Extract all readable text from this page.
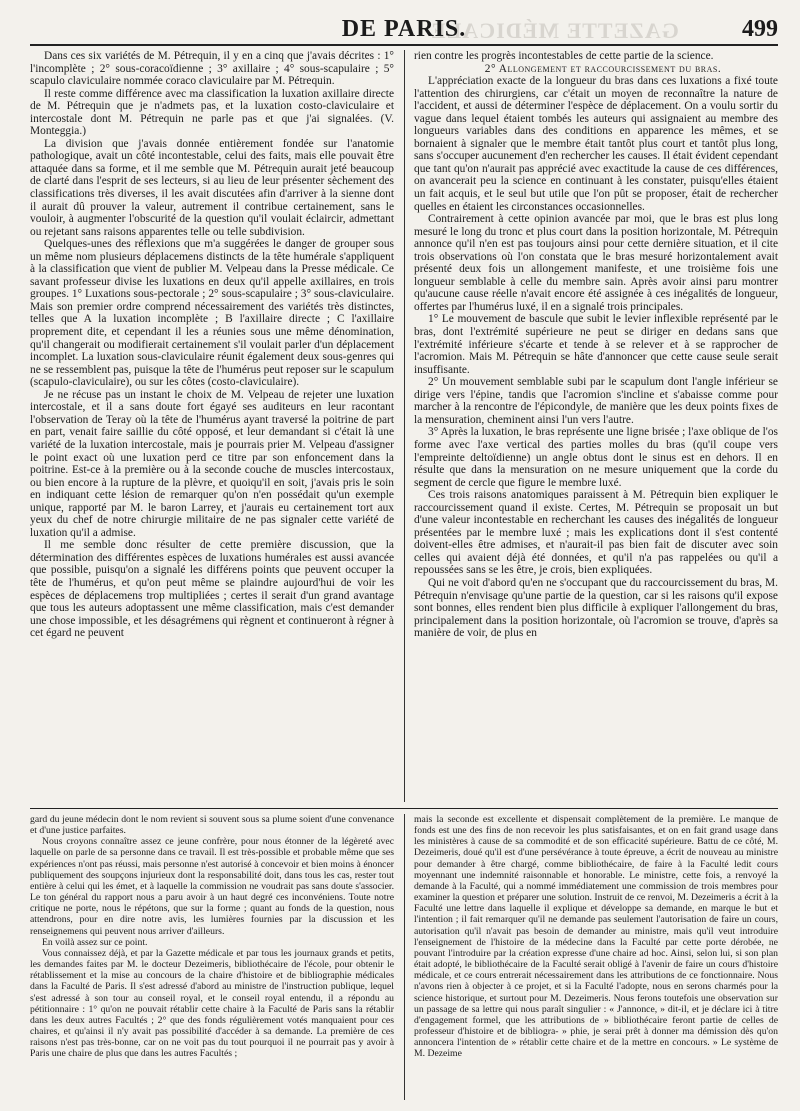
GAZETTE MÉDICALE
DE PARIS.	499

Dans ces six variétés de M. Pétrequin, il y en a cinq que j'avais décrites : 1° l'incomplète ; 2° sous-coracoïdienne ; 3° axillaire ; 4° sous-scapulaire ; 5° scapulo claviculaire nommée coraco claviculaire par M. Pétrequin.

Il reste comme différence avec ma classification la luxation axillaire directe de M. Pétrequin que je n'admets pas, et la luxation costo-claviculaire et intercostale dont M. Pétrequin ne parle pas et que j'ai signalées. (V. Monteggia.)

La division que j'avais donnée entièrement fondée sur l'anatomie pathologique, avait un côté incontestable, celui des faits, mais elle pouvait être attaquée dans sa forme, et il me semble que M. Pétrequin aurait jeté beaucoup de clarté dans l'esprit de ses lecteurs, si au lieu de leur présenter sèchement des classifications très diverses, il les avait discutées afin d'arriver à la sienne dont il aurait dû prouver la valeur, autrement il contribue certainement, sans le vouloir, à augmenter l'obscurité de la question qu'il voulait éclaircir, admettant ou rejetant sans raisons apparentes telle ou telle subdivision.

Quelques-unes des réflexions que m'a suggérées le danger de grouper sous un même nom plusieurs déplacemens distincts de la tête humérale s'appliquent à la classification que vient de publier M. Velpeau dans la Presse médicale. Ce savant professeur divise les luxations en deux qu'il appelle axillaires, en trois groupes. 1° Luxations sous-pectorale ; 2° sous-scapulaire ; 3° sous-claviculaire. Mais son premier ordre comprend nécessairement des variétés très distinctes, telles que A la luxation incomplète ; B l'axillaire directe ; C l'axillaire proprement dite, et cependant il les a réunies sous une même dénomination, qu'il changerait ou modifierait certainement s'il voulait parler d'un déplacement incomplet. La luxation sous-claviculaire réunit également deux sous-genres qui ne se ressemblent pas, puisque la tête de l'humérus peut reposer sur le scapulum (scapulo-claviculaire), ou sur les côtes (costo-claviculaire).

Je ne récuse pas un instant le choix de M. Velpeau de rejeter une luxation intercostale, et il a sans doute fort égayé ses auditeurs en leur racontant l'observation de Teray où la tête de l'humérus ayant traversé la poitrine de part en part, venait faire saillie du côté opposé, et leur demandant si c'était là une variété de la luxation intercostale, mais je pourrais prier M. Velpeau d'assigner le point exact où une luxation perd ce titre par son enfoncement dans la poitrine. Est-ce à la première ou à la seconde couche de muscles intercostaux, ou bien encore à la rupture de la plèvre, et quoiqu'il en soit, j'avais pris le soin en indiquant cette lésion de remarquer qu'on n'en possédait qu'un exemple unique, rapporté par M. le baron Larrey, et j'aurais eu certainement tort aux yeux du chef de notre chirurgie militaire de ne pas signaler cette variété de luxation qu'il a admise.

Il me semble donc résulter de cette première discussion, que la détermination des différentes espèces de luxations humérales est aussi avancée que possible, puisqu'on a signalé les différens points que peuvent occuper la tête de l'humérus, et qu'on peut même se plaindre aujourd'hui de voir les espèces de déplacemens trop multipliées ; certes il serait d'un grand avantage que tous les auteurs adoptassent une même classification, mais c'est demander une chose impossible, et les désagrémens qui règnent et continueront à régner à cet égard ne peuvent

rien contre les progrès incontestables de cette partie de la science.

2° Allongement et raccourcissement du bras.

L'appréciation exacte de la longueur du bras dans ces luxations a fixé toute l'attention des chirurgiens, car c'était un moyen de reconnaître la nature de l'accident, et aussi de déterminer l'espèce de déplacement. On a voulu sortir du vague dans lequel étaient tombés les auteurs qui assignaient au membre des longueurs variables dans des conditions en apparence les mêmes, et se bornaient à signaler que le membre était tantôt plus court et tantôt plus long, sans s'occuper aucunement d'en rechercher les causes. Il était évident cependant que tant qu'on n'aurait pas apprécié avec exactitude la cause de ces différences, on avancerait peu la science en continuant à les constater, puisqu'elles étaient un fait acquis, et le seul but utile que l'on pût se proposer, était de rechercher quelles en étaient les circonstances occasionnelles.

Contrairement à cette opinion avancée par moi, que le bras est plus long mesuré le long du tronc et plus court dans la position horizontale, M. Pétrequin annonce qu'il n'en est pas toujours ainsi pour cette dernière situation, et il cite trois observations où l'on constata que le bras mesuré horizontalement avait présenté deux fois un allongement manifeste, et une troisième fois une longueur semblable à celle du membre sain. Après avoir ainsi paru montrer qu'aucune cause réelle n'avait encore été assignée à ces inégalités de longueur, offertes par l'humérus luxé, il en a signalé trois principales.

1° Le mouvement de bascule que subit le levier inflexible représenté par le bras, dont l'extrémité supérieure ne peut se diriger en dedans sans que l'extrémité inférieure s'écarte et tende à se relever et à se rapprocher de l'acromion. Mais M. Pétrequin se hâte d'annoncer que cette cause seule serait insuffisante.

2° Un mouvement semblable subi par le scapulum dont l'angle inférieur se dirige vers l'épine, tandis que l'acromion s'incline et s'abaisse comme pour marcher à la rencontre de l'épicondyle, de manière que les deux points fixes de la mensuration, cheminent ainsi l'un vers l'autre.

3° Après la luxation, le bras représente une ligne brisée ; l'axe oblique de l'os forme avec l'axe vertical des parties molles du bras (qu'il coupe vers l'empreinte deltoïdienne) un angle obtus dont le sinus est en dehors. Il en résulte que dans la mensuration on ne mesure uniquement que la corde du segment de cercle que figure le membre luxé.

Ces trois raisons anatomiques paraissent à M. Pétrequin bien expliquer le raccourcissement quand il existe. Certes, M. Pétrequin se proposait un but d'une valeur incontestable en recherchant les causes des inégalités de longueur présentées par le membre luxé ; mais les explications dont il s'est contenté doivent-elles être admises, et n'aurait-il pas bien fait de discuter avec soin celles qui avaient déjà été données, et qu'il n'a pas rappelées ou qu'il a repoussées sans se les être, je crois, bien expliquées.

Qui ne voit d'abord qu'en ne s'occupant que du raccourcissement du bras, M. Pétrequin n'envisage qu'une partie de la question, car si les raisons qu'il expose sont bonnes, elles rendent bien plus difficile à expliquer l'allongement du bras, principalement dans la position horizontale, où l'acromion se trouve, d'après sa manière de voir, de plus en

gard du jeune médecin dont le nom revient si souvent sous sa plume soient d'une convenance et d'une justice parfaites.

Nous croyons connaître assez ce jeune confrère, pour nous étonner de la légèreté avec laquelle on parle de sa personne dans ce travail. Il est très-possible et probable même que ses expériences n'ont pas réussi, mais personne n'est autorisé à concevoir et bien moins à énoncer publiquement des soupçons injurieux dont la responsabilité doit, dans tous les cas, rester tout entière à celui qui les émet, et à laquelle la commission ne voudrait pas sans doute s'associer. Le ton général du rapport nous a paru avoir à un haut degré ces inconvéniens. Toute notre critique ne porte, nous le répétons, que sur la forme ; quant au fonds de la question, nous attendrons, pour en dire notre avis, les lumières fournies par la discussion et les renseignemens qui peuvent nous arriver d'ailleurs.

En voilà assez sur ce point.

Vous connaissez déjà, et par la Gazette médicale et par tous les journaux grands et petits, les demandes faites par M. le docteur Dezeimeris, bibliothécaire de l'école, pour obtenir le rétablissement et la mise au concours de la chaire d'histoire et de bibliographie médicales dans la Faculté de Paris. Il s'est adressé d'abord au ministre de l'instruction publique, lequel s'est adressé à son tour au conseil royal, et le conseil royal entendu, il a répondu au pétitionnaire : 1° qu'on ne pouvait rétablir cette chaire à la Faculté de Paris sans la rétablir dans les deux autres Facultés ; 2° que des fonds régulièrement votés manquaient pour ces chaires, et qu'ainsi il n'y avait pas possibilité d'accéder à sa demande. La première de ces raisons n'est pas très-bonne, car on ne voit pas du tout pourquoi il ne pourrait pas y avoir à Paris une chaire de plus que dans les autres Facultés ;

mais la seconde est excellente et dispensait complètement de la première. Le manque de fonds est une des fins de non recevoir les plus satisfaisantes, et on en fait grand usage dans les ministères à cause de sa commodité et de son efficacité supérieure. Battu de ce côté, M. Dezeimeris, doué qu'il est d'une persévérance à toute épreuve, a écrit de nouveau au ministre pour demander à être chargé, comme bibliothécaire, de faire à la Faculté ledit cours moyennant une indemnité raisonnable et honorable. Le ministre, cette fois, a renvoyé la demande à la Faculté, qui a nommé immédiatement une commission de trois membres pour examiner la question et préparer une solution. Instruit de ce renvoi, M. Dezeimeris a écrit à la Faculté une lettre dans laquelle il explique et développe sa demande, en marque le but et l'intention ; il fait remarquer qu'il ne demande pas seulement l'autorisation de faire un cours, autorisation qu'il n'avait pas besoin de demander au ministre, mais qu'il veut introduire l'enseignement de l'histoire de la médecine dans la Faculté par cette porte dérobée, ne pouvant l'introduire par la création expresse d'une chaire ad hoc. Ainsi, selon lui, si son plan était adopté, le bibliothécaire de la Faculté serait obligé à l'avenir de faire un cours d'histoire médicale, et ce cours entrerait nécessairement dans les attributions de ce fonctionnaire. Nous n'avons rien à objecter à ce projet, et si la Faculté l'adopte, nous en serons charmés pour la science historique, et surtout pour M. Dezeimeris. Nous ferons toutefois une observation sur un passage de sa lettre qui nous paraît singulier : « J'annonce, » dit-il, et je déclare ici à titre d'engagement formel, que les attributions de » bibliothécaire feront partie de celles de professeur d'histoire et de bibliogra- » phie, je serai prêt à donner ma démission dès qu'on annoncera l'intention de » rétablir cette chaire et de la mettre en concours. » Le système de M. Dezeime
